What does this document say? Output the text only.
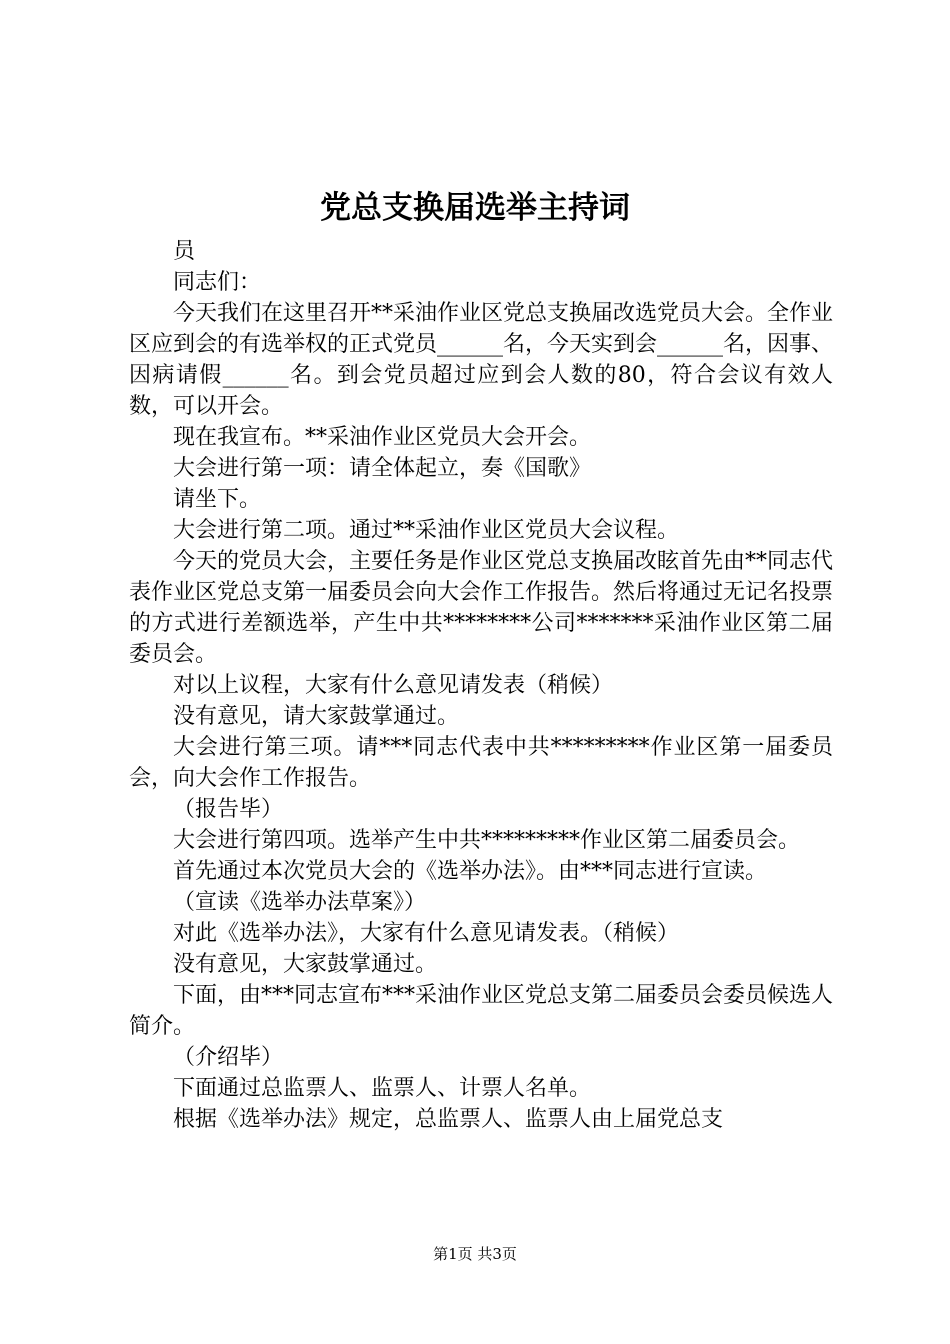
党总支换届选举主持词

员

同志们：

今天我们在这里召开**采油作业区党总支换届改选党员大会。全作业区应到会的有选举权的正式党员______名，今天实到会______名，因事、因病请假______名。到会党员超过应到会人数的80，符合会议有效人数，可以开会。

现在我宣布。**采油作业区党员大会开会。

大会进行第一项：请全体起立，奏《国歌》

请坐下。

大会进行第二项。通过**采油作业区党员大会议程。

今天的党员大会，主要任务是作业区党总支换届改眩首先由**同志代表作业区党总支第一届委员会向大会作工作报告。然后将通过无记名投票的方式进行差额选举，产生中共********公司*******采油作业区第二届委员会。

对以上议程，大家有什么意见请发表（稍候）

没有意见，请大家鼓掌通过。

大会进行第三项。请***同志代表中共*********作业区第一届委员会，向大会作工作报告。

（报告毕）

大会进行第四项。选举产生中共*********作业区第二届委员会。

首先通过本次党员大会的《选举办法》。由***同志进行宣读。

（宣读《选举办法草案》）

对此《选举办法》，大家有什么意见请发表。（稍候）

没有意见，大家鼓掌通过。

下面，由***同志宣布***采油作业区党总支第二届委员会委员候选人简介。

（介绍毕）

下面通过总监票人、监票人、计票人名单。

根据《选举办法》规定，总监票人、监票人由上届党总支

第1页 共3页
